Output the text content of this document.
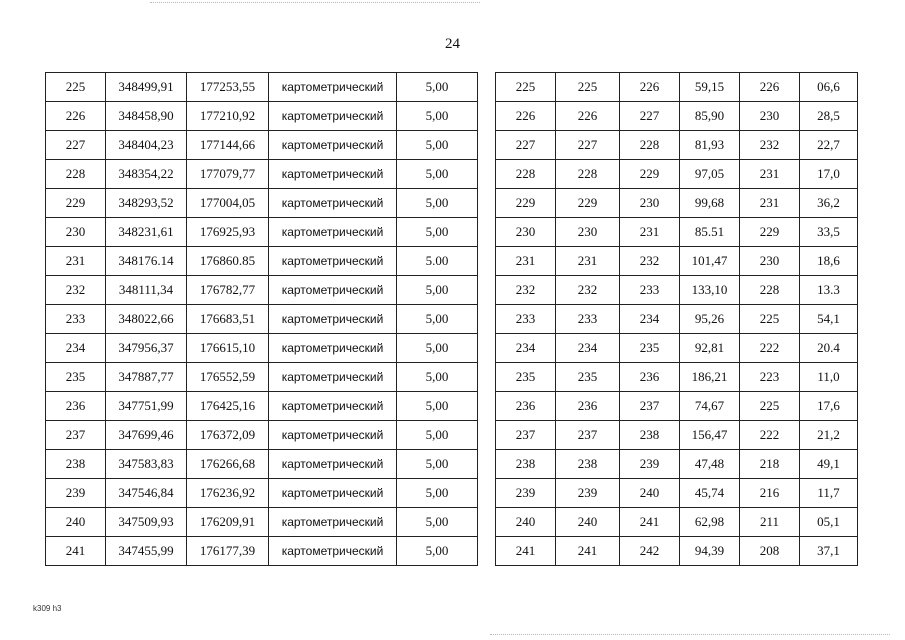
24
225	348499,91	177253,55	картометрический	5,00
226	348458,90	177210,92	картометрический	5,00
227	348404,23	177144,66	картометрический	5,00
228	348354,22	177079,77	картометрический	5,00
229	348293,52	177004,05	картометрический	5,00
230	348231,61	176925,93	картометрический	5,00
231	348176.14	176860.85	картометрический	5.00
232	348111,34	176782,77	картометрический	5,00
233	348022,66	176683,51	картометрический	5,00
234	347956,37	176615,10	картометрический	5,00
235	347887,77	176552,59	картометрический	5,00
236	347751,99	176425,16	картометрический	5,00
237	347699,46	176372,09	картометрический	5,00
238	347583,83	176266,68	картометрический	5,00
239	347546,84	176236,92	картометрический	5,00
240	347509,93	176209,91	картометрический	5,00
241	347455,99	176177,39	картометрический	5,00
225	225	226	59,15	226	06,6
226	226	227	85,90	230	28,5
227	227	228	81,93	232	22,7
228	228	229	97,05	231	17,0
229	229	230	99,68	231	36,2
230	230	231	85.51	229	33,5
231	231	232	101,47	230	18,6
232	232	233	133,10	228	13.3
233	233	234	95,26	225	54,1
234	234	235	92,81	222	20.4
235	235	236	186,21	223	11,0
236	236	237	74,67	225	17,6
237	237	238	156,47	222	21,2
238	238	239	47,48	218	49,1
239	239	240	45,74	216	11,7
240	240	241	62,98	211	05,1
241	241	242	94,39	208	37,1
k309 h3
